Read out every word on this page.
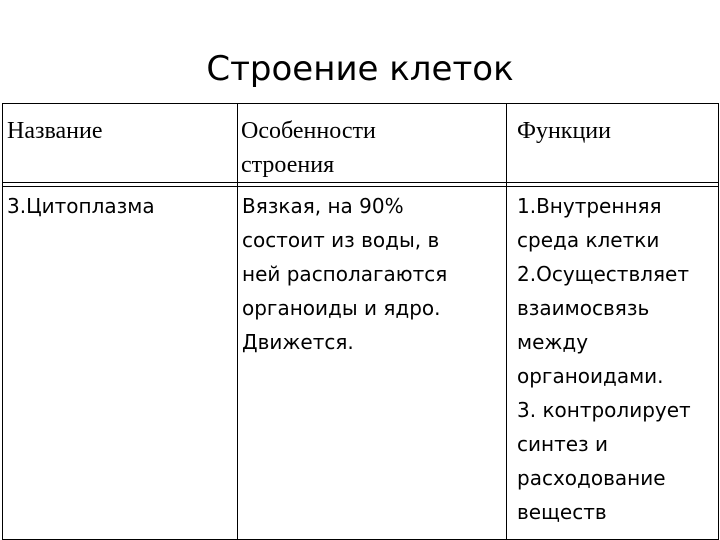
Строение клеток
Название	Особенности строения	Функции

3.Цитоплазма	Вязкая, на 90% состоит из воды, в ней располагаются органоиды и ядро. Движется.	1.Внутренняя среда клетки
2.Осуществляет взаимосвязь между органоидами.
3. контролирует синтез и расходование веществ
